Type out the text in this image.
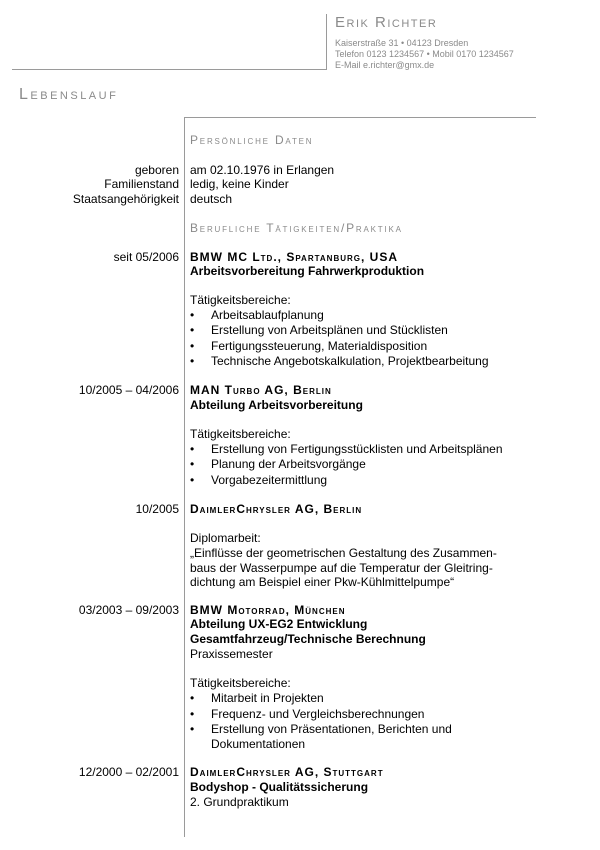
Erik Richter
Kaiserstraße 31 • 04123 Dresden
Telefon 0123 1234567 • Mobil 0170 1234567
E-Mail e.richter@gmx.de
Lebenslauf
Persönliche Daten
geboren am 02.10.1976 in Erlangen
Familienstand ledig, keine Kinder
Staatsangehörigkeit deutsch
Berufliche Tätigkeiten/Praktika
seit 05/2006 BMW MC Ltd., Spartanburg, USA
Arbeitsvorbereitung Fahrwerkproduktion
Tätigkeitsbereiche:
Arbeitsablaufplanung
Erstellung von Arbeitsplänen und Stücklisten
Fertigungssteuerung, Materialdisposition
Technische Angebotskalkulation, Projektbearbeitung
10/2005 – 04/2006 MAN Turbo AG, Berlin
Abteilung Arbeitsvorbereitung
Tätigkeitsbereiche:
Erstellung von Fertigungsstücklisten und Arbeitsplänen
Planung der Arbeitsvorgänge
Vorgabezeitermittlung
10/2005 DaimlerChrysler AG, Berlin
Diplomarbeit:
„Einflüsse der geometrischen Gestaltung des Zusammen-
baus der Wasserpumpe auf die Temperatur der Gleitring-
dichtung am Beispiel einer Pkw-Kühlmittelpumpe“
03/2003 – 09/2003 BMW Motorrad, München
Abteilung UX-EG2 Entwicklung
Gesamtfahrzeug/Technische Berechnung
Praxissemester
Tätigkeitsbereiche:
Mitarbeit in Projekten
Frequenz- und Vergleichsberechnungen
Erstellung von Präsentationen, Berichten und
Dokumentationen
12/2000 – 02/2001 DaimlerChrysler AG, Stuttgart
Bodyshop - Qualitätssicherung
2. Grundpraktikum
